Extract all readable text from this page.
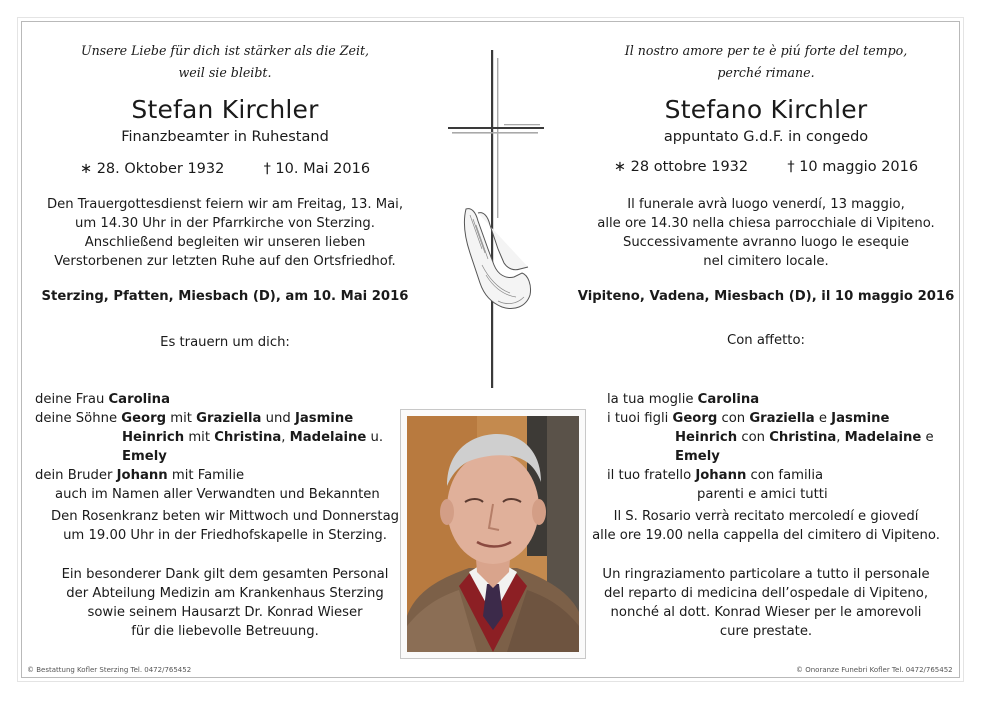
Unsere Liebe für dich ist stärker als die Zeit,
weil sie bleibt.
Stefan Kirchler
Finanzbeamter in Ruhestand
∗ 28. Oktober 1932	† 10. Mai 2016
Den Trauergottesdienst feiern wir am Freitag, 13. Mai,
um 14.30 Uhr in der Pfarrkirche von Sterzing.
Anschließend begleiten wir unseren lieben
Verstorbenen zur letzten Ruhe auf den Ortsfriedhof.
Sterzing, Pfatten, Miesbach (D), am 10. Mai 2016
Es trauern um dich:
deine Frau Carolina
deine Söhne Georg mit Graziella und Jasmine
Heinrich mit Christina, Madelaine u. Emely
dein Bruder Johann mit Familie
auch im Namen aller Verwandten und Bekannten
Den Rosenkranz beten wir Mittwoch und Donnerstag
um 19.00 Uhr in der Friedhofskapelle in Sterzing.
Ein besonderer Dank gilt dem gesamten Personal
der Abteilung Medizin am Krankenhaus Sterzing
sowie seinem Hausarzt Dr. Konrad Wieser
für die liebevolle Betreuung.
© Bestattung Kofler Sterzing Tel. 0472/765452
Il nostro amore per te è piú forte del tempo,
perché rimane.
Stefano Kirchler
appuntato G.d.F. in congedo
∗ 28 ottobre 1932	† 10 maggio 2016
Il funerale avrà luogo venerdí, 13 maggio,
alle ore 14.30 nella chiesa parrocchiale di Vipiteno.
Successivamente avranno luogo le esequie
nel cimitero locale.
Vipiteno, Vadena, Miesbach (D), il 10 maggio 2016
Con affetto:
la tua moglie Carolina
i tuoi figli Georg con Graziella e Jasmine
Heinrich con Christina, Madelaine e Emely
il tuo fratello Johann con familia
parenti e amici tutti
Il S. Rosario verrà recitato mercoledí e giovedí
alle ore 19.00 nella cappella del cimitero di Vipiteno.
Un ringraziamento particolare a tutto il personale
del reparto di medicina dell’ospedale di Vipiteno,
nonché al dott. Konrad Wieser per le amorevoli
cure prestate.
© Onoranze Funebri Kofler Tel. 0472/765452
